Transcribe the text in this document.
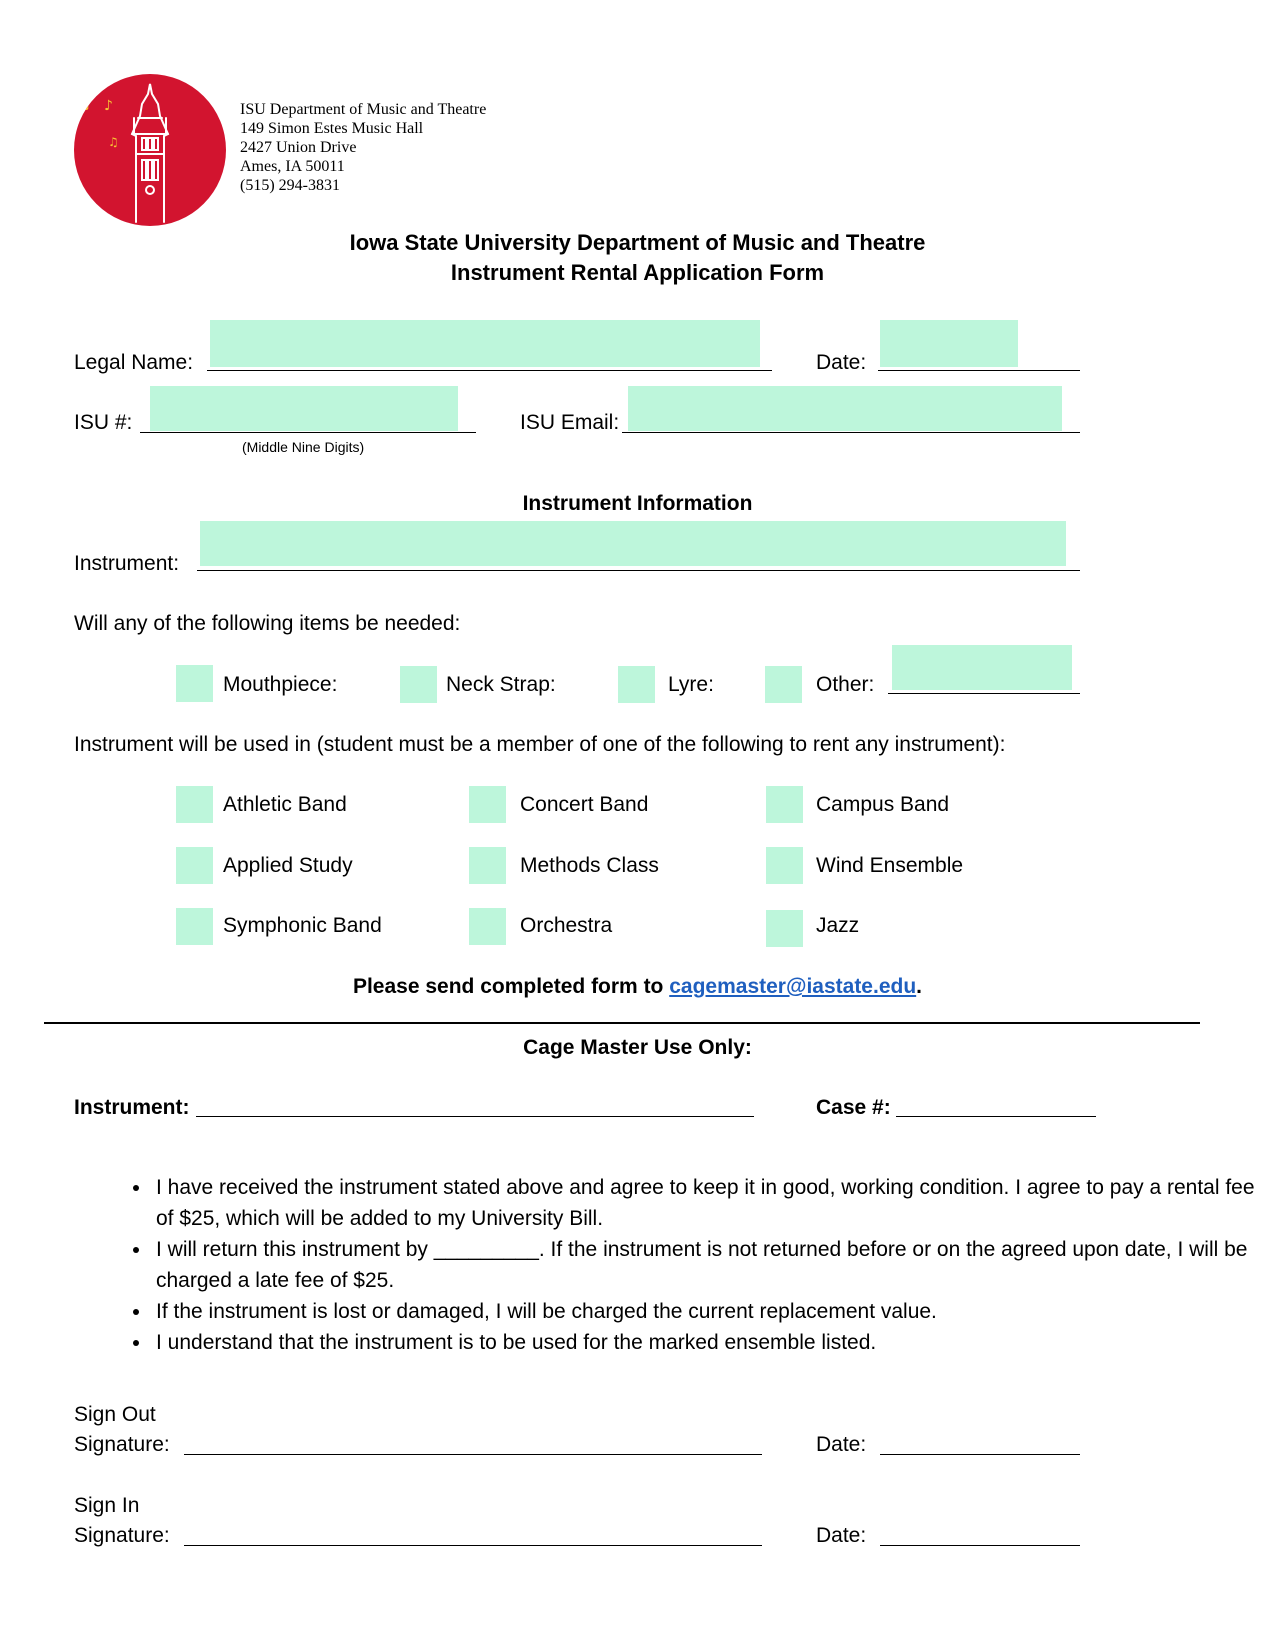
♫ ♪
♫
ISU Department of Music and Theatre
149 Simon Estes Music Hall
2427 Union Drive
Ames, IA 50011
(515) 294-3831
Iowa State University Department of Music and Theatre
Instrument Rental Application Form
Legal Name:	Date:
ISU #:
(Middle Nine Digits)
ISU Email:
Instrument Information
Instrument:
Will any of the following items be needed:
Mouthpiece:	Neck Strap:	Lyre:	Other:
Instrument will be used in (student must be a member of one of the following to rent any instrument):
Athletic Band	Concert Band	Campus Band
Applied Study	Methods Class	Wind Ensemble
Symphonic Band	Orchestra	Jazz
Please send completed form to cagemaster@iastate.edu.
Cage Master Use Only:
Instrument:	Case #:
• I have received the instrument stated above and agree to keep it in good, working condition. I agree to pay a rental fee of $25, which will be added to my University Bill.
• I will return this instrument by _________. If the instrument is not returned before or on the agreed upon date, I will be charged a late fee of $25.
• If the instrument is lost or damaged, I will be charged the current replacement value.
• I understand that the instrument is to be used for the marked ensemble listed.
Sign Out
Signature:	Date:
Sign In
Signature:	Date:
